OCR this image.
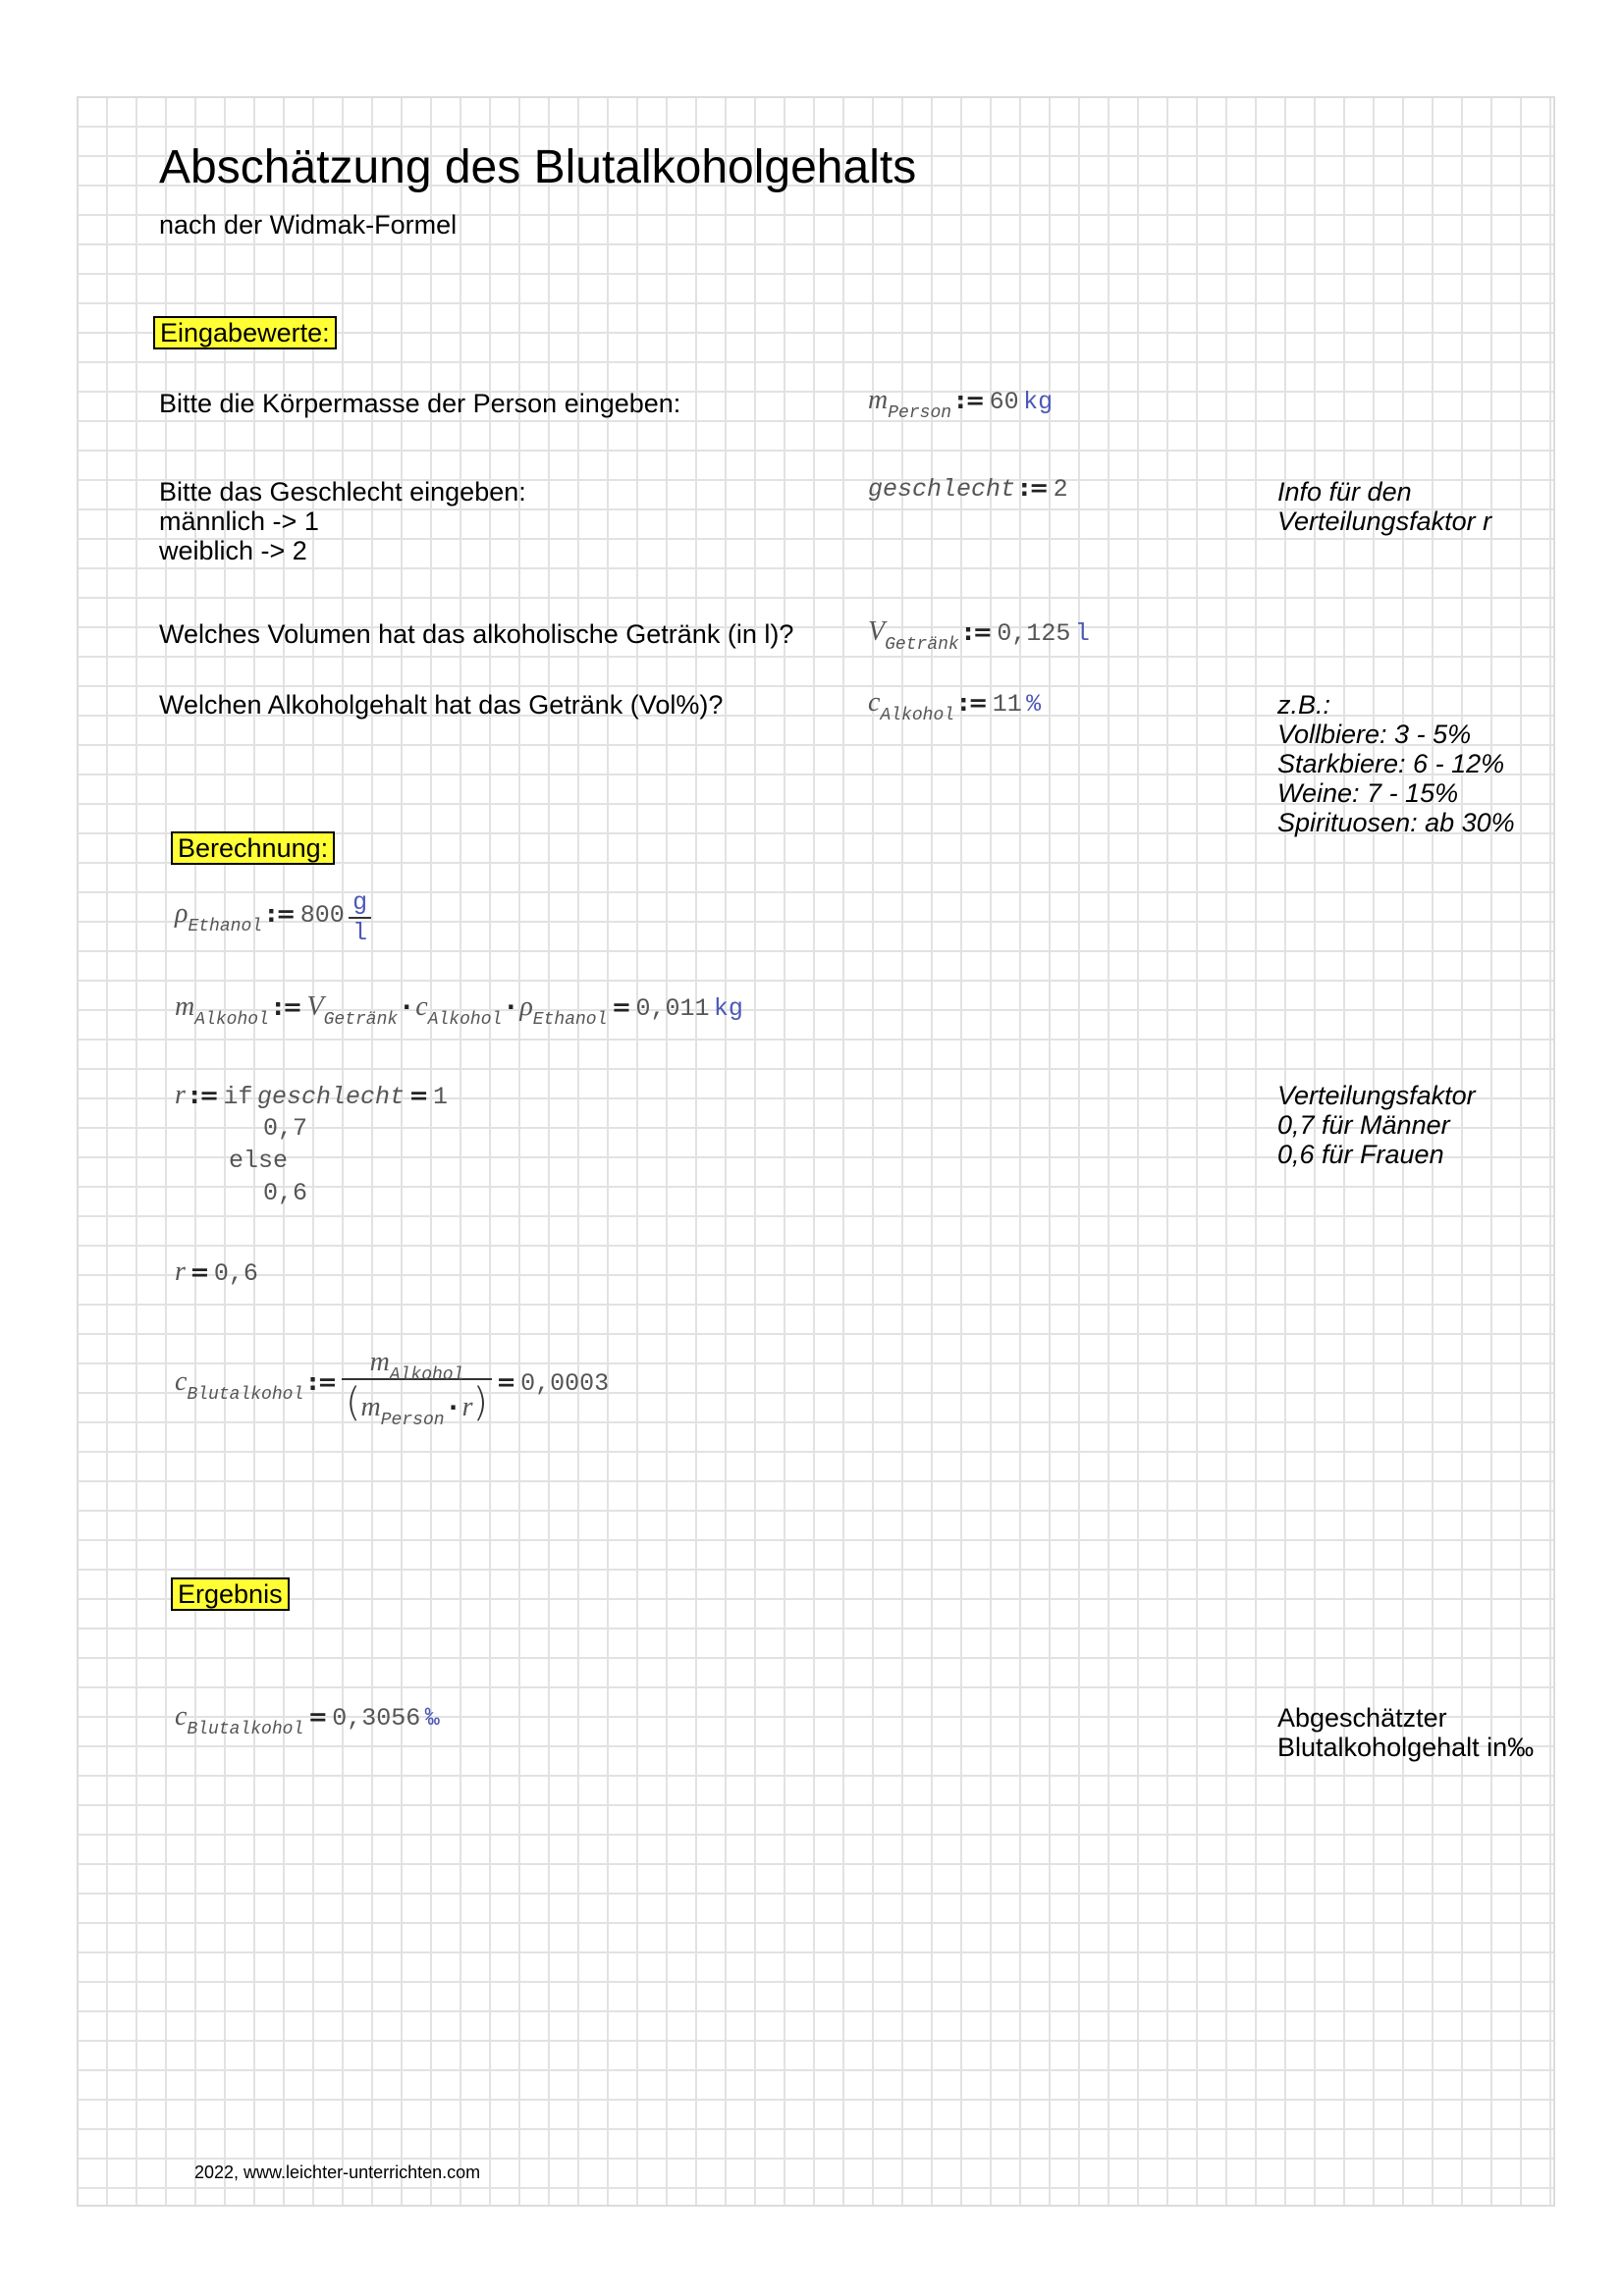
Abschätzung des Blutalkoholgehalts
nach der Widmak-Formel
Eingabewerte:
Bitte die Körpermasse der Person eingeben:	mPerson := 60 kg
Bitte das Geschlecht eingeben:
männlich -> 1
weiblich -> 2
geschlecht := 2	Info für den
Verteilungsfaktor r
Welches Volumen hat das alkoholische Getränk (in l)?	VGetränk := 0,125 l
Welchen Alkoholgehalt hat das Getränk (Vol%)?	cAlkohol := 11 %	z.B.:
Vollbiere: 3 - 5%
Starkbiere: 6 - 12%
Weine: 7 - 15%
Spirituosen: ab 30%
Berechnung:
ρEthanol := $800 \frac{g}{l}$
mAlkohol := VGetränk · cAlkohol · ρEthanol = 0,011 kg
r := if geschlecht = 1
0,7
else
0,6
Verteilungsfaktor
0,7 für Männer
0,6 für Frauen
r = 0,6
cBlutalkohol := $\frac{\text{mAlkohol}}{\text{(mPerson · r)}} = 0,0003$
Ergebnis
cBlutalkohol = 0,3056 ‰	Abgeschätzter
Blutalkoholgehalt in‰
2022, www.leichter-unterrichten.com
